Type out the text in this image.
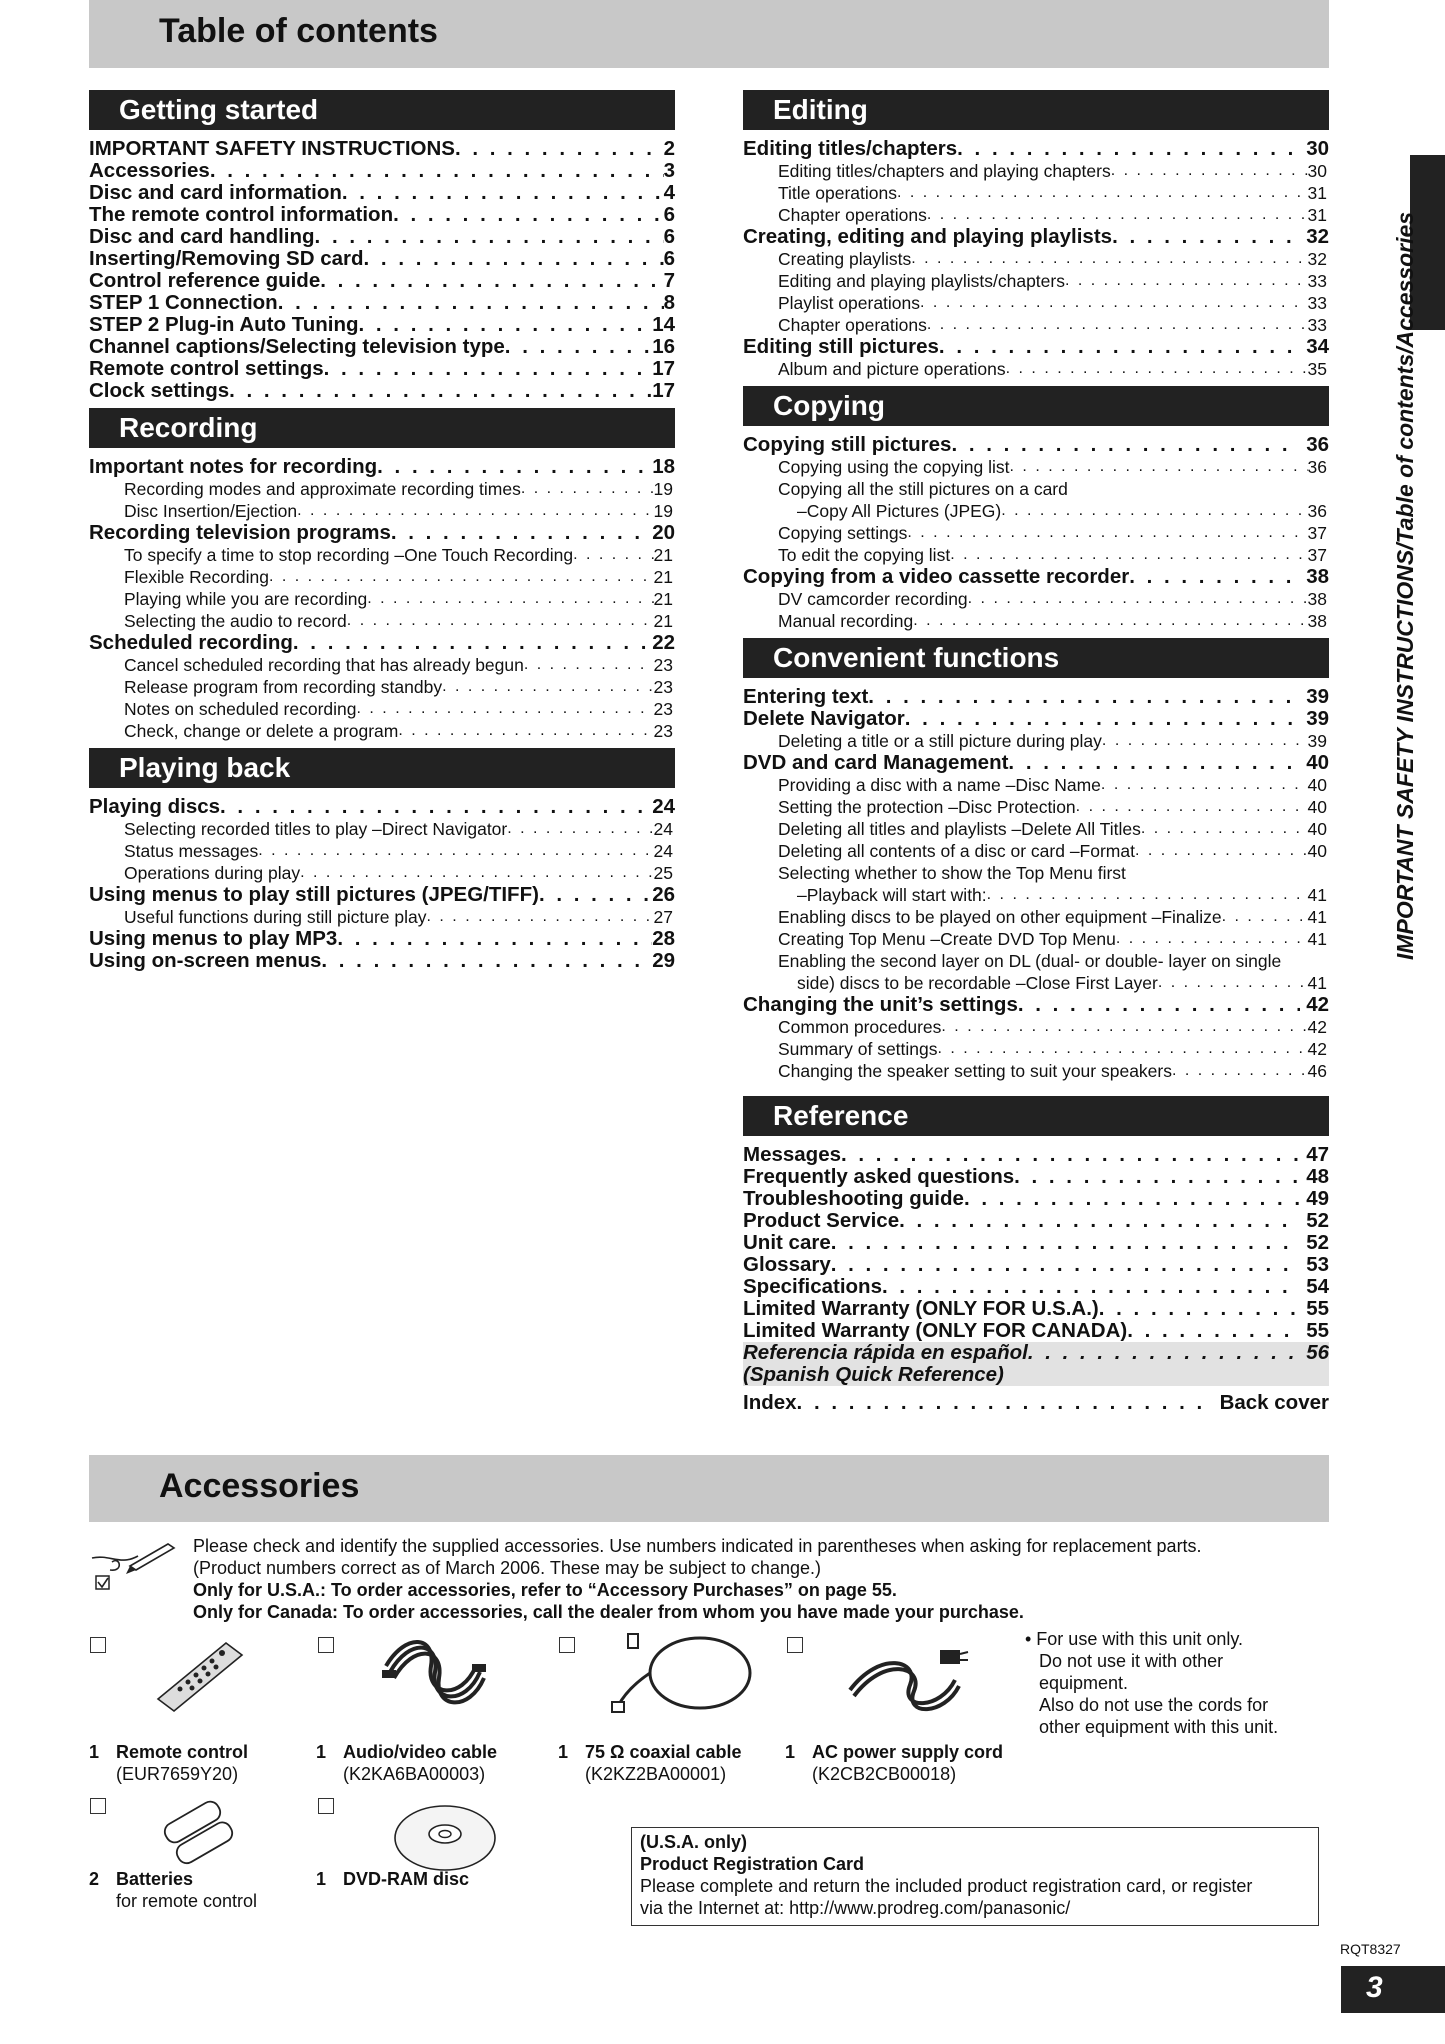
Table of contents
Getting started
IMPORTANT SAFETY INSTRUCTIONS . . .	2
Accessories . . .	3
Disc and card information . . .	4
The remote control information . . .	6
Disc and card handling . . .	6
Inserting/Removing SD card . . .	6
Control reference guide . . .	7
STEP 1 Connection . . .	8
STEP 2 Plug-in Auto Tuning . . .	14
Channel captions/Selecting television type . . .	16
Remote control settings . . .	17
Clock settings . . .	17
Recording
Important notes for recording . . .	18
Recording modes and approximate recording times . . .	19
Disc Insertion/Ejection . . .	19
Recording television programs . . .	20
To specify a time to stop recording –One Touch Recording . . .	21
Flexible Recording . . .	21
Playing while you are recording . . .	21
Selecting the audio to record . . .	21
Scheduled recording . . .	22
Cancel scheduled recording that has already begun . . .	23
Release program from recording standby . . .	23
Notes on scheduled recording . . .	23
Check, change or delete a program . . .	23
Playing back
Playing discs . . .	24
Selecting recorded titles to play –Direct Navigator . . .	24
Status messages . . .	24
Operations during play . . .	25
Using menus to play still pictures (JPEG/TIFF) . . .	26
Useful functions during still picture play . . .	27
Using menus to play MP3 . . .	28
Using on-screen menus . . .	29
Editing
Editing titles/chapters . . .	30
Editing titles/chapters and playing chapters . . .	30
Title operations . . .	31
Chapter operations . . .	31
Creating, editing and playing playlists . . .	32
Creating playlists . . .	32
Editing and playing playlists/chapters . . .	33
Playlist operations . . .	33
Chapter operations . . .	33
Editing still pictures . . .	34
Album and picture operations . . .	35
Copying
Copying still pictures . . .	36
Copying using the copying list . . .	36
Copying all the still pictures on a card
–Copy All Pictures (JPEG) . . .	36
Copying settings . . .	37
To edit the copying list . . .	37
Copying from a video cassette recorder . . .	38
DV camcorder recording . . .	38
Manual recording . . .	38
Convenient functions
Entering text . . .	39
Delete Navigator . . .	39
Deleting a title or a still picture during play . . .	39
DVD and card Management . . .	40
Providing a disc with a name –Disc Name . . .	40
Setting the protection –Disc Protection . . .	40
Deleting all titles and playlists –Delete All Titles . . .	40
Deleting all contents of a disc or card –Format . . .	40
Selecting whether to show the Top Menu first
–Playback will start with: . . .	41
Enabling discs to be played on other equipment –Finalize . . .	41
Creating Top Menu –Create DVD Top Menu . . .	41
Enabling the second layer on DL (dual- or double- layer on single
side) discs to be recordable –Close First Layer . . .	41
Changing the unit’s settings . . .	42
Common procedures . . .	42
Summary of settings . . .	42
Changing the speaker setting to suit your speakers . . .	46
Reference
Messages . . .	47
Frequently asked questions . . .	48
Troubleshooting guide . . .	49
Product Service . . .	52
Unit care . . .	52
Glossary . . .	53
Specifications . . .	54
Limited Warranty (ONLY FOR U.S.A.) . . .	55
Limited Warranty (ONLY FOR CANADA) . . .	55
Referencia rápida en español . . .	56
(Spanish Quick Reference)
Index . . .	Back cover
IMPORTANT SAFETY INSTRUCTIONS/Table of contents/Accessories
Accessories
Please check and identify the supplied accessories. Use numbers indicated in parentheses when asking for replacement parts.
(Product numbers correct as of March 2006. These may be subject to change.)
Only for U.S.A.: To order accessories, refer to “Accessory Purchases” on page 55.
Only for Canada: To order accessories, call the dealer from whom you have made your purchase.
1 Remote control
(EUR7659Y20)
1 Audio/video cable
(K2KA6BA00003)
1 75 Ω coaxial cable
(K2KZ2BA00001)
1 AC power supply cord
(K2CB2CB00018)
2 Batteries
for remote control
1 DVD-RAM disc
• For use with this unit only.
Do not use it with other
equipment.
Also do not use the cords for
other equipment with this unit.
(U.S.A. only)
Product Registration Card
Please complete and return the included product registration card, or register
via the Internet at: http://www.prodreg.com/panasonic/
RQT8327
3
